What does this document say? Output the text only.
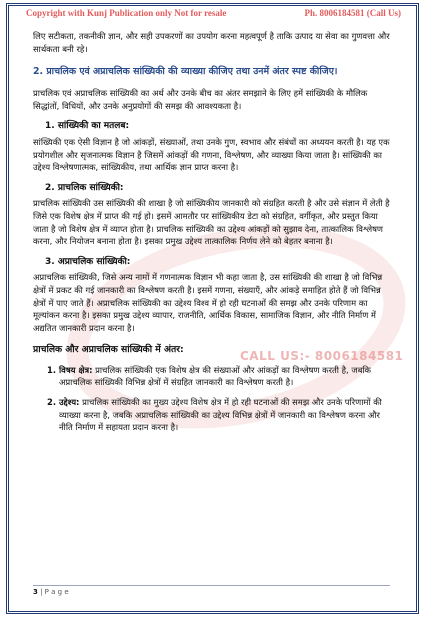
Copyright with Kunj Publication only Not for resale	Ph. 8006184581 (Call Us)
CALL US:- 8006184581

लिए सटीकता, तकनीकी ज्ञान, और सही उपकरणों का उपयोग करना महत्वपूर्ण है ताकि उत्पाद या सेवा का गुणवत्ता और सार्थकता बनी रहे।

2. प्राचलिक एवं अप्राचलिक सांख्यिकी की व्याख्या कीजिए तथा उनमें अंतर स्पष्ट कीजिए।

प्राचलिक एवं अप्राचलिक सांख्यिकी का अर्थ और उनके बीच का अंतर समझाने के लिए हमें सांख्यिकी के मौलिक सिद्धांतों, विधियों, और उनके अनुप्रयोगों की समझ की आवश्यकता है।

1. सांख्यिकी का मतलब:

सांख्यिकी एक ऐसी विज्ञान है जो आंकड़ों, संख्याओं, तथा उनके गुण, स्वभाव और संबंधों का अध्ययन करती है। यह एक प्रयोगशील और सृजनात्मक विज्ञान है जिसमें आंकड़ों की गणना, विश्लेषण, और व्याख्या किया जाता है। सांख्यिकी का उद्देश्य विश्लेषणात्मक, सांख्यिकीय, तथा आर्थिक ज्ञान प्राप्त करना है।

2. प्राचलिक सांख्यिकी:

प्राचलिक सांख्यिकी उस सांख्यिकी की शाखा है जो सांख्यिकीय जानकारी को संग्रहित करती है और उसे संज्ञान में लेती है जिसे एक विशेष क्षेत्र में प्राप्त की गई हो। इसमें आमतौर पर सांख्यिकीय डेटा को संग्रहित, वर्गीकृत, और प्रस्तुत किया जाता है जो विशेष क्षेत्र में व्याप्त होता है। प्राचलिक सांख्यिकी का उद्देश्य आंकड़ों को सुझाव देना, तात्कालिक विश्लेषण करना, और नियोजन बनाना होता है। इसका प्रमुख उद्देश्य तात्कालिक निर्णय लेने को बेहतर बनाना है।

3. अप्राचलिक सांख्यिकी:

अप्राचलिक सांख्यिकी, जिसे अन्य नामों में गणनात्मक विज्ञान भी कहा जाता है, उस सांख्यिकी की शाखा है जो विभिन्न क्षेत्रों में प्रकट की गई जानकारी का विश्लेषण करती है। इसमें गणना, संख्याएँ, और आंकड़े समाहित होते हैं जो विभिन्न क्षेत्रों में पाए जाते हैं। अप्राचलिक सांख्यिकी का उद्देश्य विश्व में हो रही घटनाओं की समझ और उनके परिणाम का मूल्यांकन करना है। इसका प्रमुख उद्देश्य व्यापार, राजनीति, आर्थिक विकास, सामाजिक विज्ञान, और नीति निर्माण में अद्यतित जानकारी प्रदान करना है।

प्राचलिक और अप्राचलिक सांख्यिकी में अंतर:
1. विषय क्षेत्र: प्राचलिक सांख्यिकी एक विशेष क्षेत्र की संख्याओं और आंकड़ों का विश्लेषण करती है, जबकि अप्राचलिक सांख्यिकी विभिन्न क्षेत्रों में संग्रहित जानकारी का विश्लेषण करती है।
2. उद्देश्य: प्राचलिक सांख्यिकी का मुख्य उद्देश्य विशेष क्षेत्र में हो रही घटनाओं की समझ और उनके परिणामों की व्याख्या करना है, जबकि अप्राचलिक सांख्यिकी का उद्देश्य विभिन्न क्षेत्रों में जानकारी का विश्लेषण करना और नीति निर्माण में सहायता प्रदान करना है।
3 | P a g e
